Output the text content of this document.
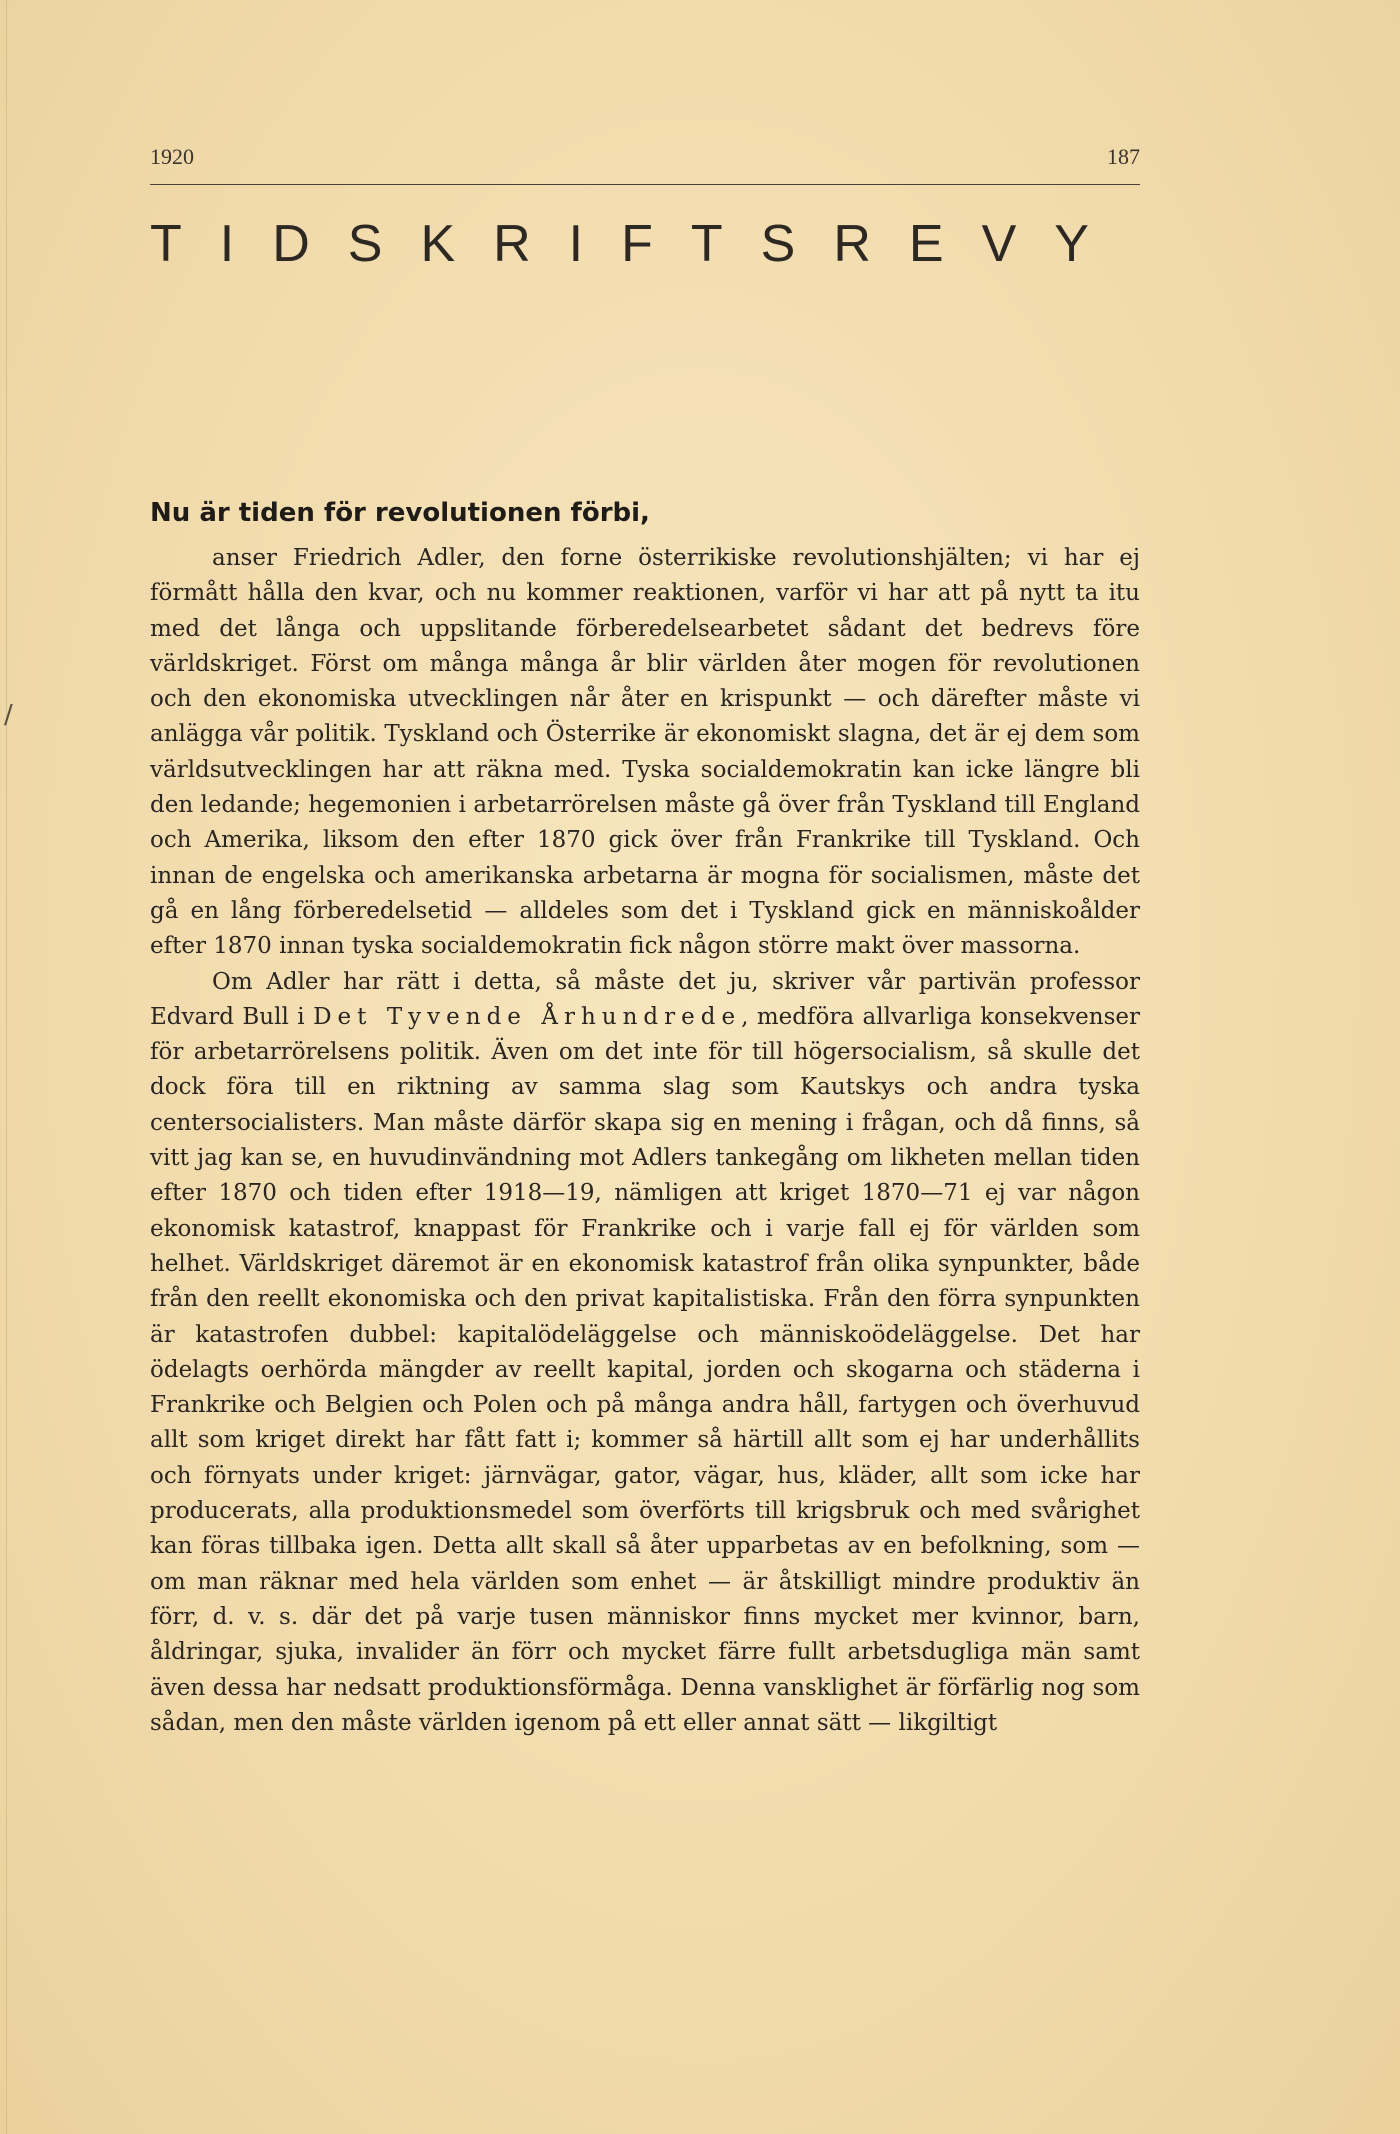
/
1920	187
TIDSKRIFTSREVY
Nu är tiden för revolutionen förbi,

anser Friedrich Adler, den forne österrikiske revolutionshjälten; vi har ej förmått hålla den kvar, och nu kommer reaktionen, varför vi har att på nytt ta itu med det långa och uppslitande förberedelsearbetet sådant det bedrevs före världskriget. Först om många många år blir världen åter mogen för revolutionen och den ekonomiska utvecklingen når åter en krispunkt — och därefter måste vi anlägga vår politik. Tyskland och Österrike är ekonomiskt slagna, det är ej dem som världsutvecklingen har att räkna med. Tyska socialdemokratin kan icke längre bli den ledande; hegemonien i arbetarrörelsen måste gå över från Tyskland till England och Amerika, liksom den efter 1870 gick över från Frankrike till Tyskland. Och innan de engelska och amerikanska arbetarna är mogna för socialismen, måste det gå en lång förberedelsetid — alldeles som det i Tyskland gick en människoålder efter 1870 innan tyska socialdemokratin fick någon större makt över massorna.

Om Adler har rätt i detta, så måste det ju, skriver vår partivän professor Edvard Bull i Det Tyvende Århundrede, medföra allvarliga konsekvenser för arbetarrörelsens politik. Även om det inte för till högersocialism, så skulle det dock föra till en riktning av samma slag som Kautskys och andra tyska centersocialisters. Man måste därför skapa sig en mening i frågan, och då finns, så vitt jag kan se, en huvudinvändning mot Adlers tankegång om likheten mellan tiden efter 1870 och tiden efter 1918—19, nämligen att kriget 1870—71 ej var någon ekonomisk katastrof, knappast för Frankrike och i varje fall ej för världen som helhet. Världskriget däremot är en ekonomisk katastrof från olika synpunkter, både från den reellt ekonomiska och den privat kapitalistiska. Från den förra synpunkten är katastrofen dubbel: kapitalödeläggelse och människoödeläggelse. Det har ödelagts oerhörda mängder av reellt kapital, jorden och skogarna och städerna i Frankrike och Belgien och Polen och på många andra håll, fartygen och överhuvud allt som kriget direkt har fått fatt i; kommer så härtill allt som ej har underhållits och förnyats under kriget: järnvägar, gator, vägar, hus, kläder, allt som icke har producerats, alla produktionsmedel som överförts till krigsbruk och med svårighet kan föras tillbaka igen. Detta allt skall så åter upparbetas av en befolkning, som — om man räknar med hela världen som enhet — är åtskilligt mindre produktiv än förr, d. v. s. där det på varje tusen människor finns mycket mer kvinnor, barn, åldringar, sjuka, invalider än förr och mycket färre fullt arbetsdugliga män samt även dessa har nedsatt produktionsförmåga. Denna vansklighet är förfärlig nog som sådan, men den måste världen igenom på ett eller annat sätt — likgiltigt
